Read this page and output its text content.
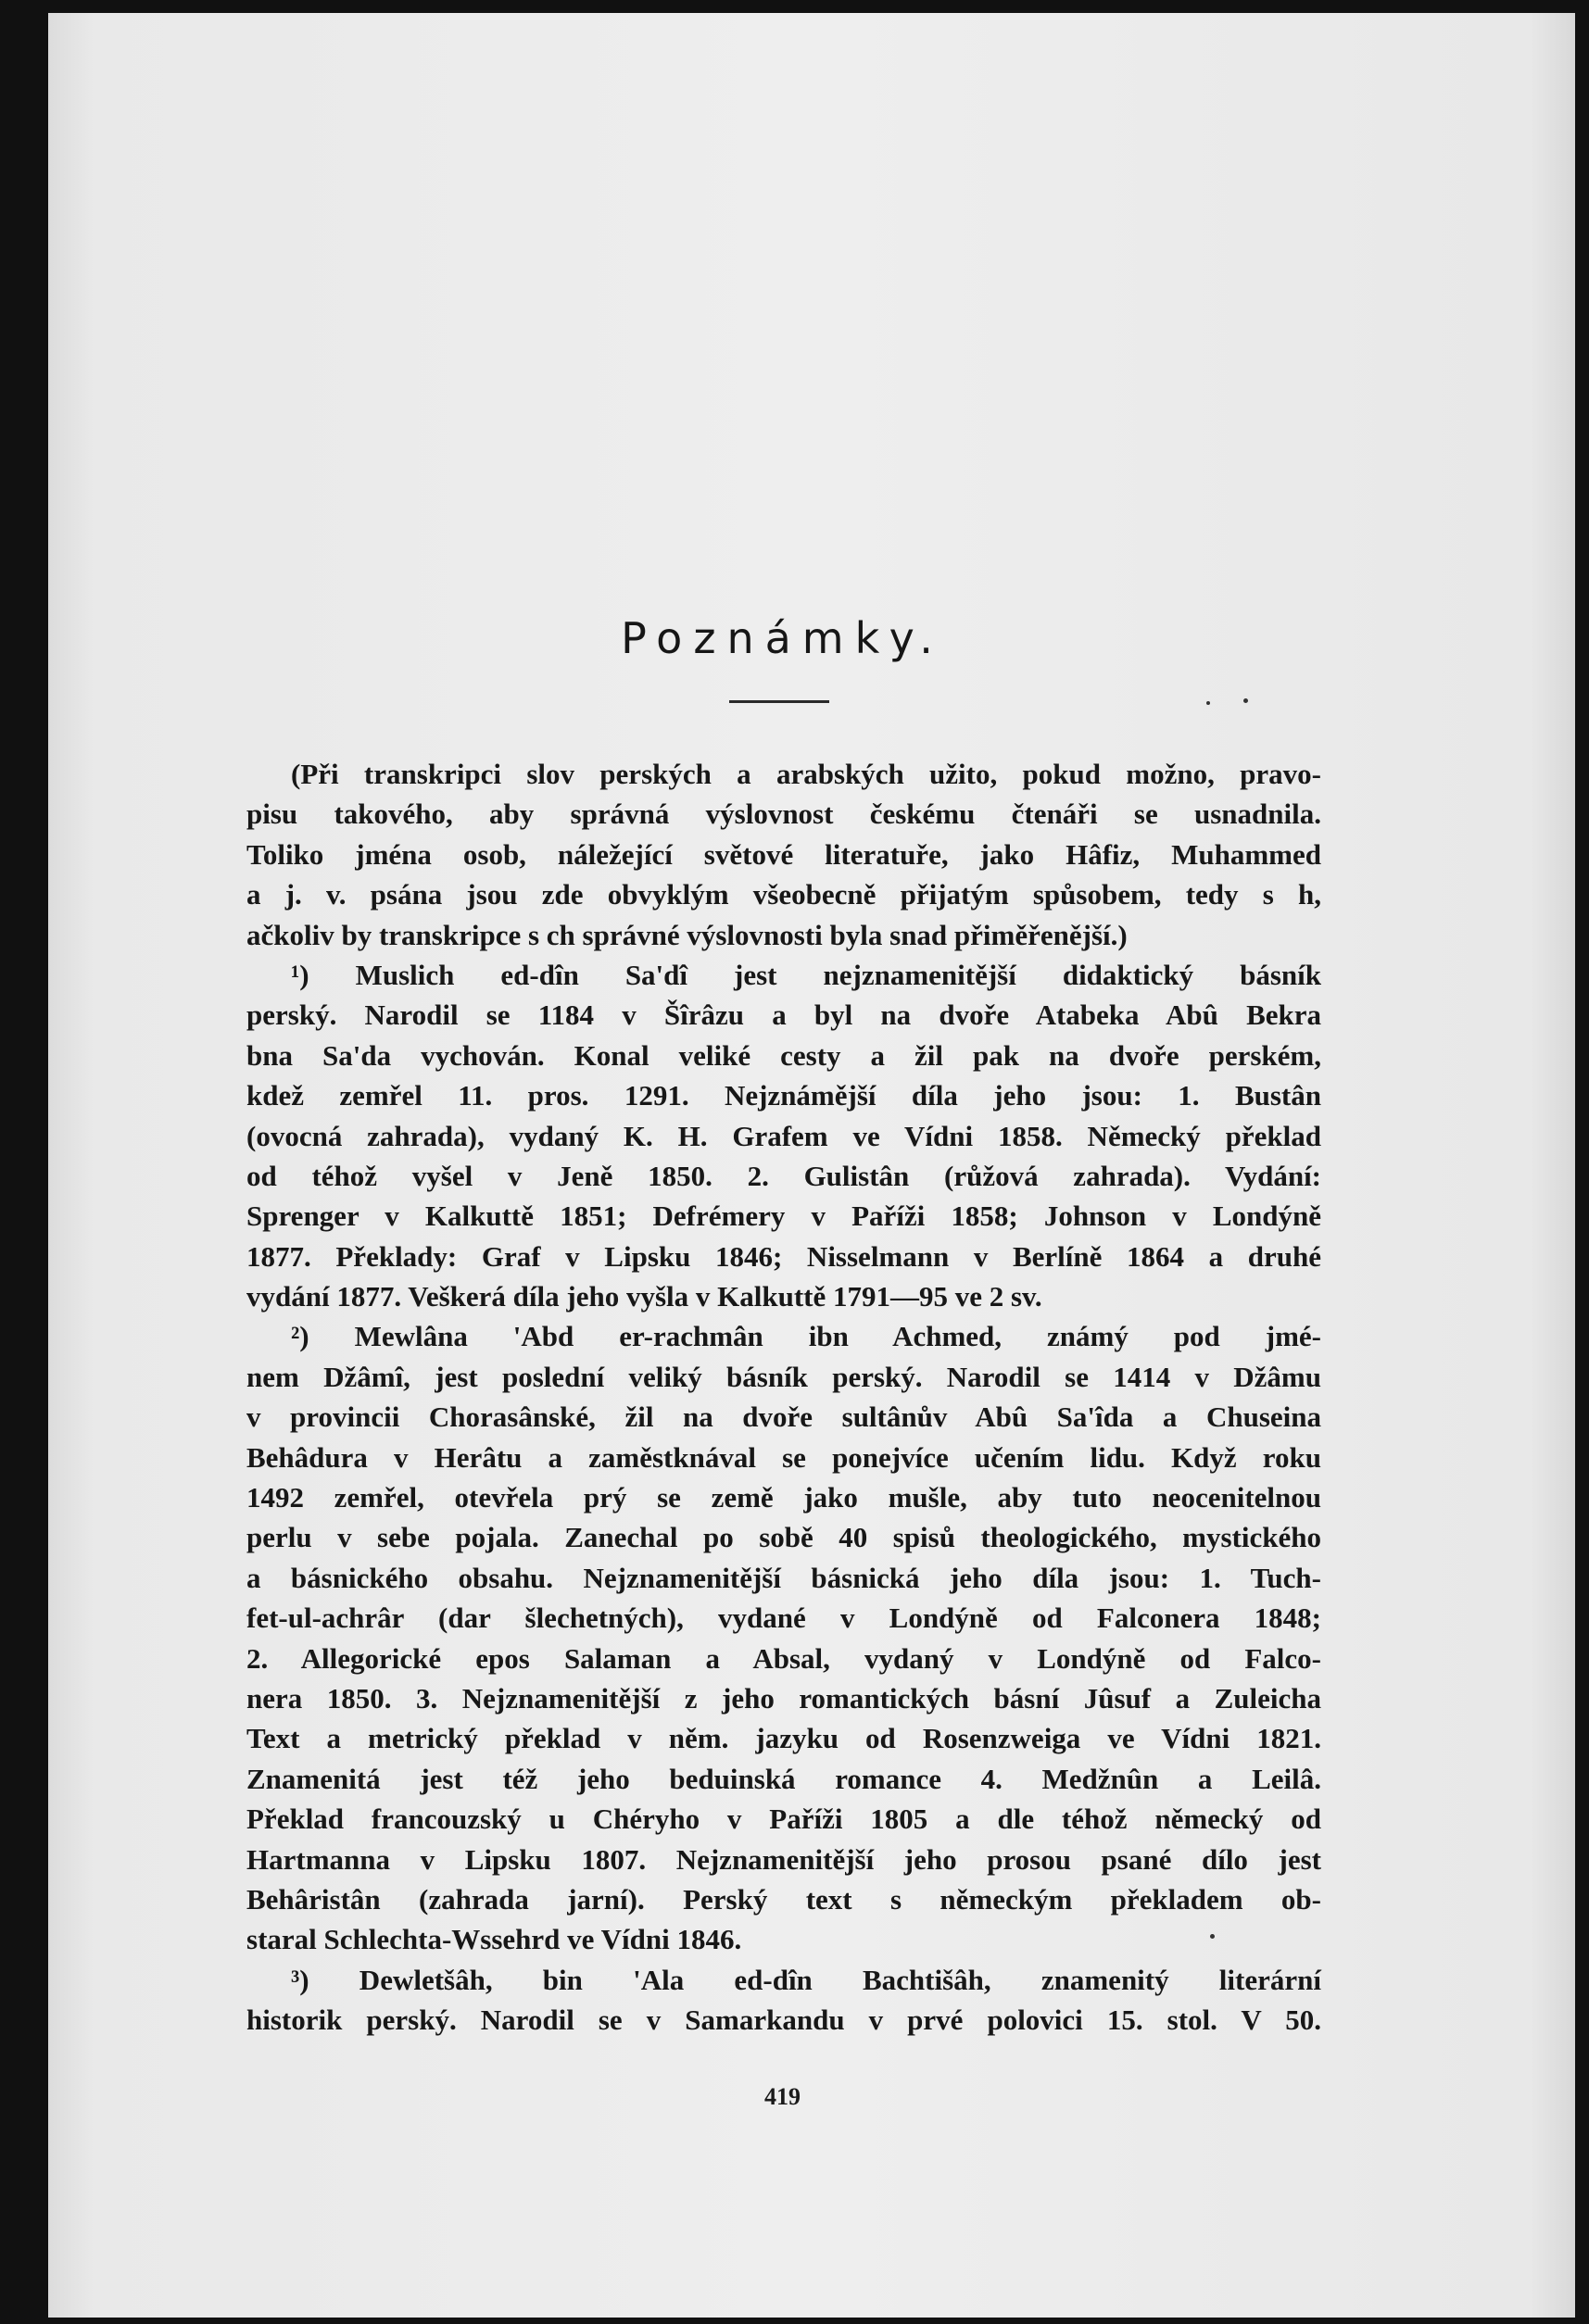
Poznámky.
(Při transkripci slov perských a arabských užito, pokud možno, pravo-
pisu takového, aby správná výslovnost českému čtenáři se usnadnila.
Toliko jména osob, náležející světové literatuře, jako Hâfiz, Muhammed
a j. v. psána jsou zde obvyklým všeobecně přijatým spůsobem, tedy s h,
ačkoliv by transkripce s ch správné výslovnosti byla snad přiměřenější.)
¹) Muslich ed-dîn Sa'dî jest nejznamenitější didaktický básník
perský. Narodil se 1184 v Šîrâzu a byl na dvoře Atabeka Abû Bekra
bna Sa'da vychován. Konal veliké cesty a žil pak na dvoře perském,
kdež zemřel 11. pros. 1291. Nejznámější díla jeho jsou: 1. Bustân
(ovocná zahrada), vydaný K. H. Grafem ve Vídni 1858. Německý překlad
od téhož vyšel v Jeně 1850. 2. Gulistân (růžová zahrada). Vydání:
Sprenger v Kalkuttě 1851; Defrémery v Paříži 1858; Johnson v Londýně
1877. Překlady: Graf v Lipsku 1846; Nisselmann v Berlíně 1864 a druhé
vydání 1877. Veškerá díla jeho vyšla v Kalkuttě 1791—95 ve 2 sv.
²) Mewlâna 'Abd er-rachmân ibn Achmed, známý pod jmé-
nem Džâmî, jest poslední veliký básník perský. Narodil se 1414 v Džâmu
v provincii Chorasânské, žil na dvoře sultânův Abû Sa'îda a Chuseina
Behâdura v Herâtu a zaměstknával se ponejvíce učením lidu. Když roku
1492 zemřel, otevřela prý se země jako mušle, aby tuto neocenitelnou
perlu v sebe pojala. Zanechal po sobě 40 spisů theologického, mystického
a básnického obsahu. Nejznamenitější básnická jeho díla jsou: 1. Tuch-
fet-ul-achrâr (dar šlechetných), vydané v Londýně od Falconera 1848;
2. Allegorické epos Salaman a Absal, vydaný v Londýně od Falco-
nera 1850. 3. Nejznamenitější z jeho romantických básní Jûsuf a Zuleicha
Text a metrický překlad v něm. jazyku od Rosenzweiga ve Vídni 1821.
Znamenitá jest též jeho beduinská romance 4. Medžnûn a Leilâ.
Překlad francouzský u Chéryho v Paříži 1805 a dle téhož německý od
Hartmanna v Lipsku 1807. Nejznamenitější jeho prosou psané dílo jest
Behâristân (zahrada jarní). Perský text s německým překladem ob-
staral Schlechta-Wssehrd ve Vídni 1846.
³) Dewletšâh, bin 'Ala ed-dîn Bachtišâh, znamenitý literární
historik perský. Narodil se v Samarkandu v prvé polovici 15. stol. V 50.
419
